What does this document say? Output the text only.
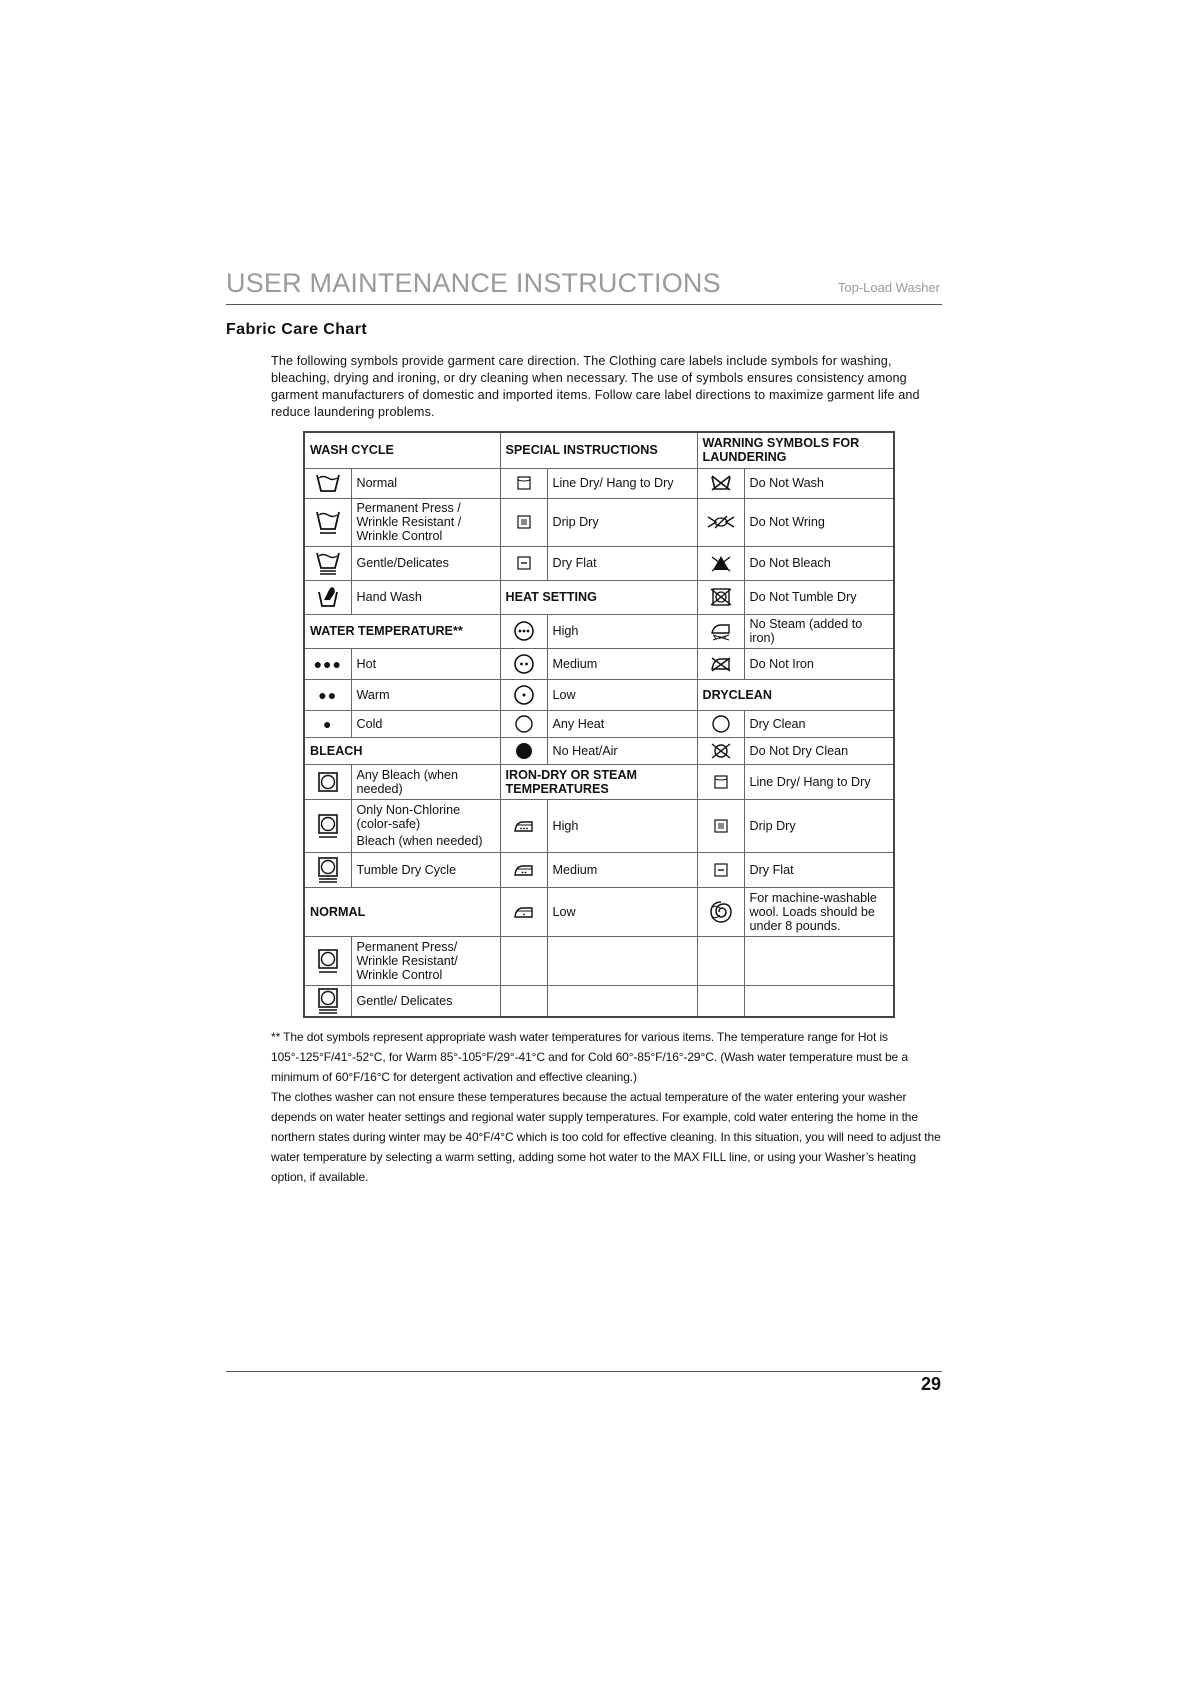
USER MAINTENANCE INSTRUCTIONS	Top-Load Washer
Fabric Care Chart
The following symbols provide garment care direction. The Clothing care labels include symbols for washing, bleaching, drying and ironing, or dry cleaning when necessary. The use of symbols ensures consistency among garment manufacturers of domestic and imported items. Follow care label directions to maximize garment life and reduce laundering problems.
WASH CYCLE		SPECIAL INSTRUCTIONS		WARNING SYMBOLS FOR LAUNDERING	

	Normal		Line Dry/ Hang to Dry		Do Not Wash

	Permanent Press / Wrinkle Resistant / Wrinkle Control		Drip Dry		Do Not Wring

	Gentle/Delicates		Dry Flat		Do Not Bleach

	Hand Wash	HEAT SETTING			Do Not Tumble Dry
WATER TEMPERATURE**			High		No Steam (added to iron)
●●●	Hot		Medium		Do Not Iron
●●	Warm		Low	DRYCLEAN	
●	Cold		Any Heat		Dry Clean
BLEACH			No Heat/Air		Do Not Dry Clean

	Any Bleach (when needed)	IRON-DRY OR STEAM TEMPERATURES			Line Dry/ Hang to Dry

Only Non-Chlorine (color-safe)
Bleach (when needed)		High		Drip Dry

	Tumble Dry Cycle		Medium		Dry Flat
NORMAL			Low		For machine-washable wool. Loads should be under 8 pounds.

	Permanent Press/ Wrinkle Resistant/ Wrinkle Control				

	Gentle/ Delicates				

** The dot symbols represent appropriate wash water temperatures for various items. The temperature range for Hot is 105°-125°F/41°-52°C, for Warm 85°-105°F/29°-41°C and for Cold 60°-85°F/16°-29°C. (Wash water temperature must be a minimum of 60°F/16°C for detergent activation and effective cleaning.)

The clothes washer can not ensure these temperatures because the actual temperature of the water entering your washer depends on water heater settings and regional water supply temperatures. For example, cold water entering the home in the northern states during winter may be 40°F/4°C which is too cold for effective cleaning. In this situation, you will need to adjust the water temperature by selecting a warm setting, adding some hot water to the MAX FILL line, or using your Washer’s heating option, if available.

29
